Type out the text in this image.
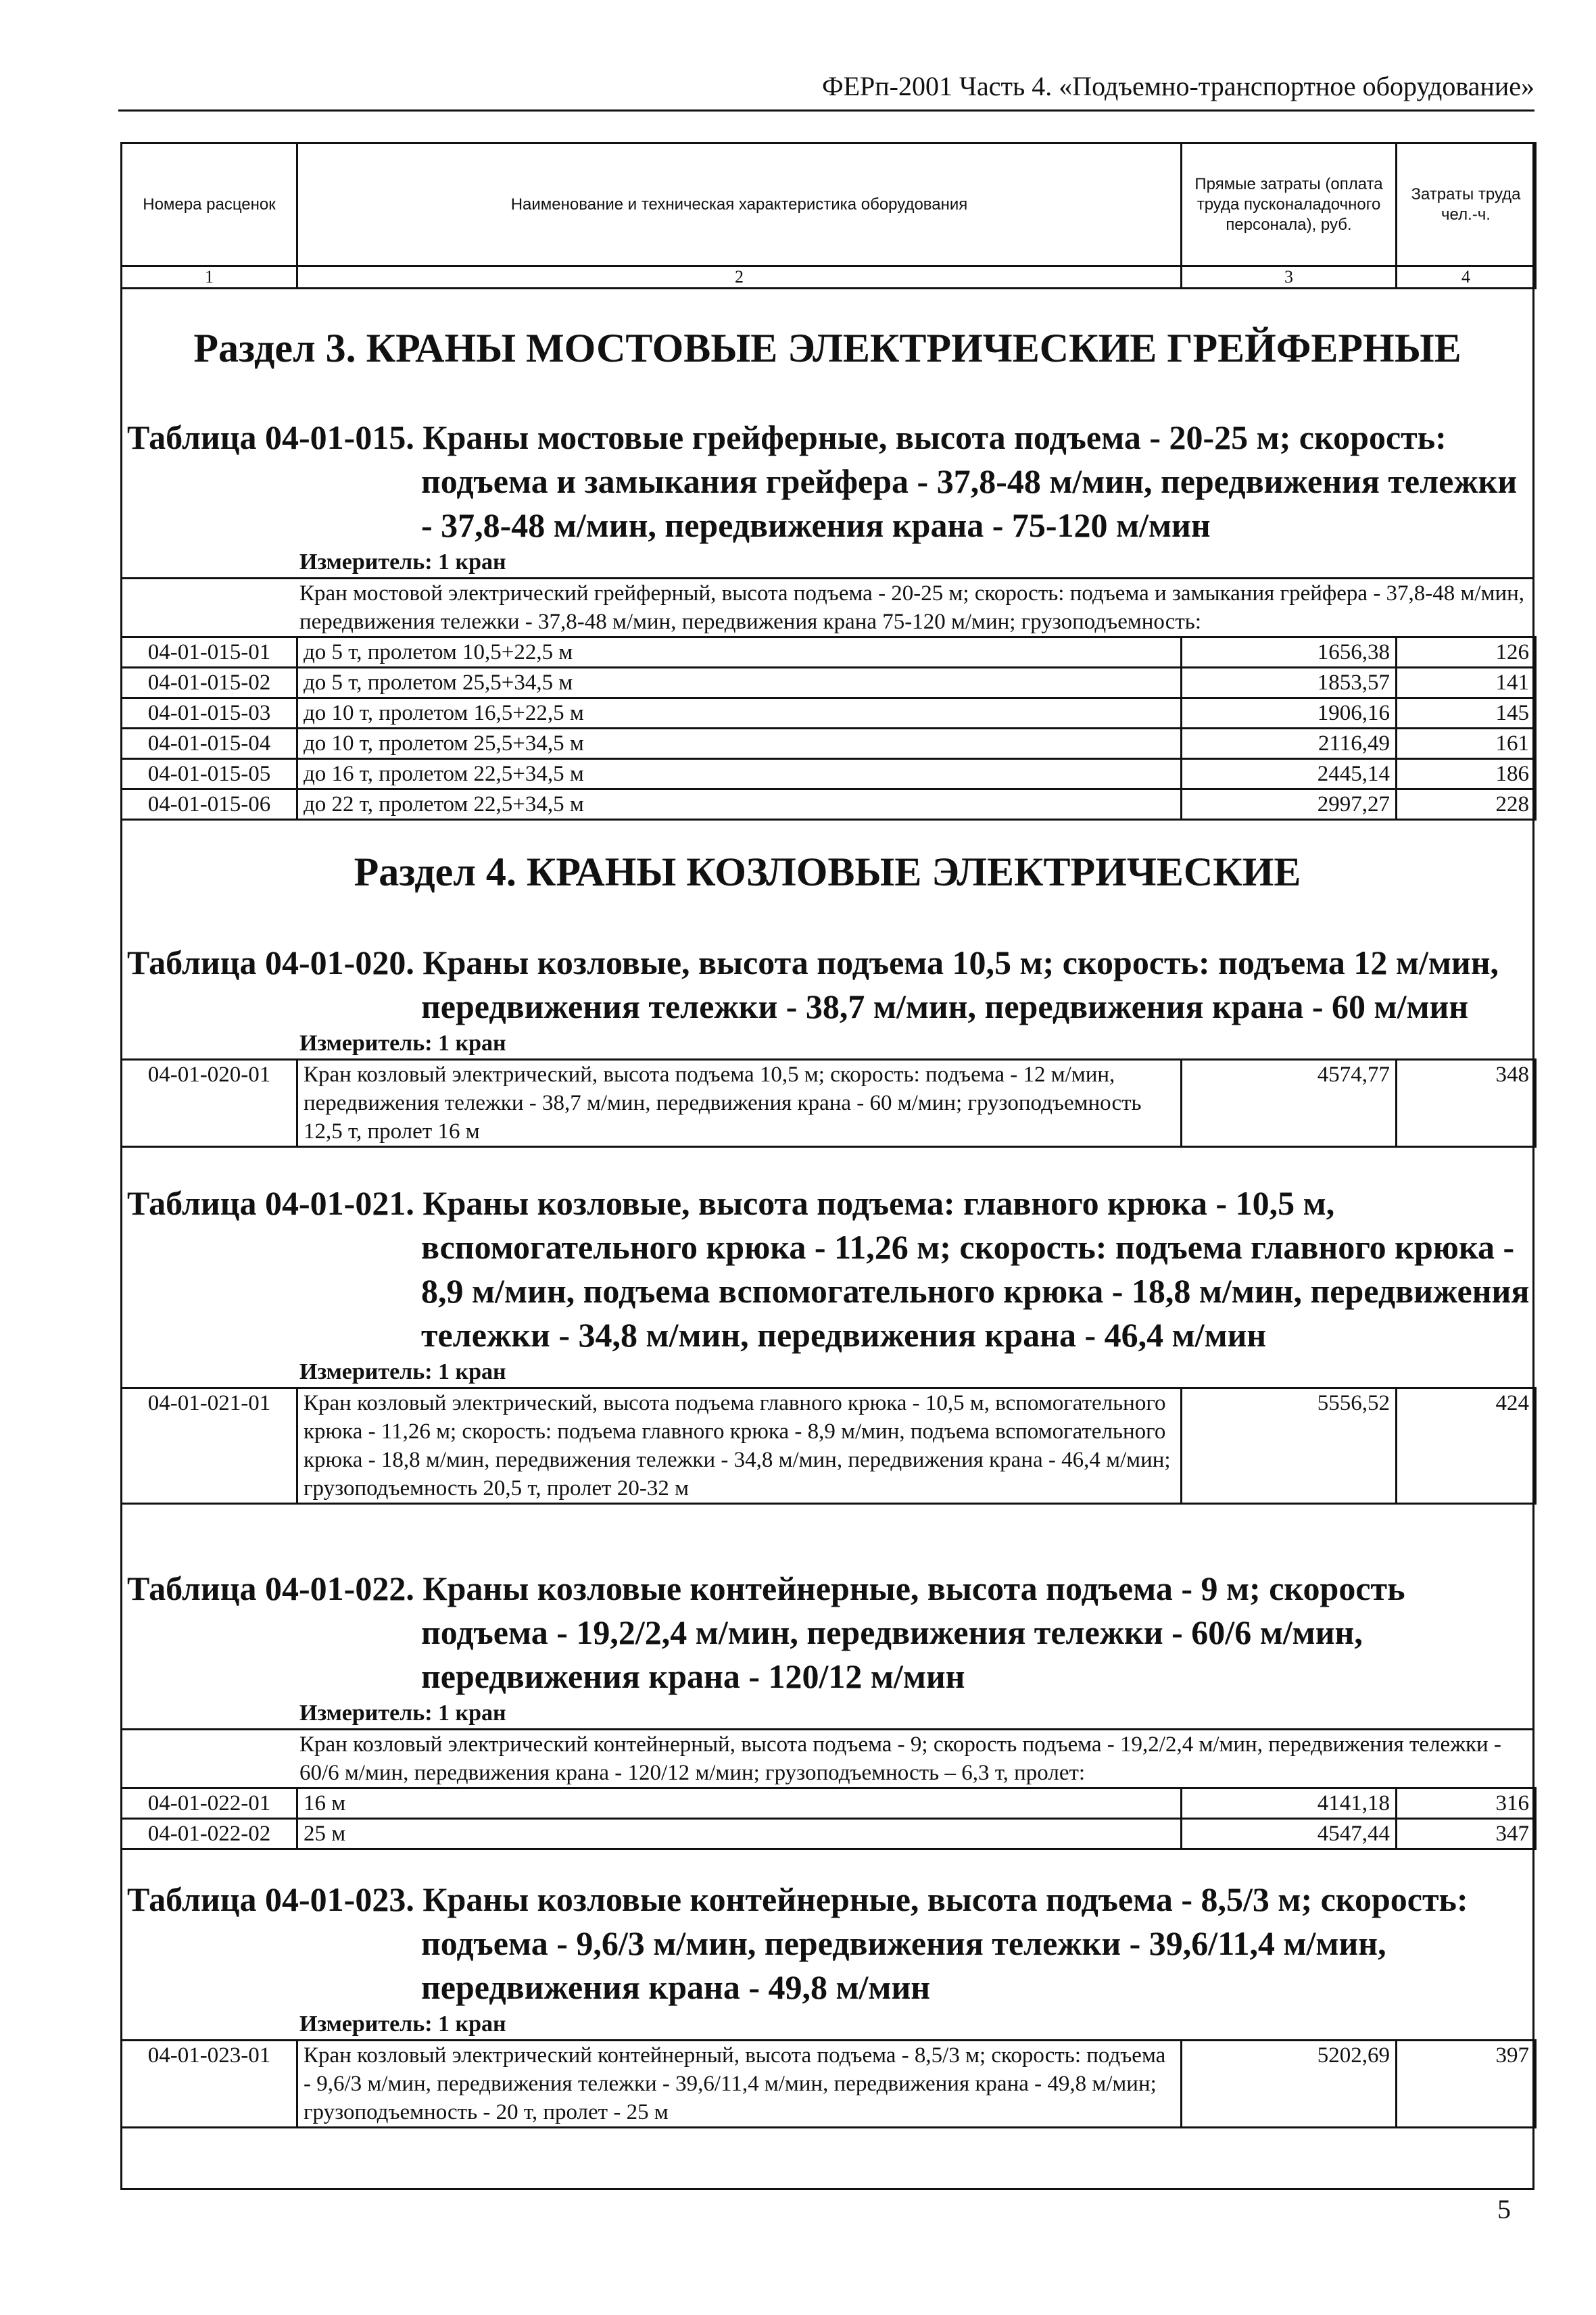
ФЕРп-2001 Часть 4. «Подъемно-транспортное оборудование»
Номера расценок	Наименование и техническая характеристика оборудования	Прямые затраты (оплата труда пусконаладочного персонала), руб.	Затраты труда чел.-ч.
1	2	3	4
Раздел 3. КРАНЫ МОСТОВЫЕ ЭЛЕКТРИЧЕСКИЕ ГРЕЙФЕРНЫЕ
Таблица 04-01-015. Краны мостовые грейферные, высота подъема - 20-25 м; скорость:
подъема и замыкания грейфера - 37,8-48 м/мин, передвижения тележки - 37,8-48 м/мин, передвижения крана - 75-120 м/мин
Измеритель: 1 кран
Кран мостовой электрический грейферный, высота подъема - 20-25 м; скорость: подъема и замыкания грейфера - 37,8-48 м/мин, передвижения тележки - 37,8-48 м/мин, передвижения крана 75-120 м/мин; грузоподъемность:
04-01-015-01	до 5 т, пролетом 10,5+22,5 м	1656,38	126
04-01-015-02	до 5 т, пролетом 25,5+34,5 м	1853,57	141
04-01-015-03	до 10 т, пролетом 16,5+22,5 м	1906,16	145
04-01-015-04	до 10 т, пролетом 25,5+34,5 м	2116,49	161
04-01-015-05	до 16 т, пролетом 22,5+34,5 м	2445,14	186
04-01-015-06	до 22 т, пролетом 22,5+34,5 м	2997,27	228
Раздел 4. КРАНЫ КОЗЛОВЫЕ ЭЛЕКТРИЧЕСКИЕ
Таблица 04-01-020. Краны козловые, высота подъема 10,5 м; скорость: подъема 12 м/мин,
передвижения тележки - 38,7 м/мин, передвижения крана - 60 м/мин
Измеритель: 1 кран
04-01-020-01	Кран козловый электрический, высота подъема 10,5 м; скорость: подъема - 12 м/мин, передвижения тележки - 38,7 м/мин, передвижения крана - 60 м/мин; грузоподъемность 12,5 т, пролет 16 м	4574,77	348
Таблица 04-01-021. Краны козловые, высота подъема: главного крюка - 10,5 м,
вспомогательного крюка - 11,26 м; скорость: подъема главного крюка - 8,9 м/мин, подъема вспомогательного крюка - 18,8 м/мин, передвижения тележки - 34,8 м/мин, передвижения крана - 46,4 м/мин
Измеритель: 1 кран
04-01-021-01	Кран козловый электрический, высота подъема главного крюка - 10,5 м, вспомогательного крюка - 11,26 м; скорость: подъема главного крюка - 8,9 м/мин, подъема вспомогательного крюка - 18,8 м/мин, передвижения тележки - 34,8 м/мин, передвижения крана - 46,4 м/мин; грузоподъемность 20,5 т, пролет 20-32 м	5556,52	424
Таблица 04-01-022. Краны козловые контейнерные, высота подъема - 9 м; скорость
подъема - 19,2/2,4 м/мин, передвижения тележки - 60/6 м/мин, передвижения крана - 120/12 м/мин
Измеритель: 1 кран
Кран козловый электрический контейнерный, высота подъема - 9; скорость подъема - 19,2/2,4 м/мин, передвижения тележки - 60/6 м/мин, передвижения крана - 120/12 м/мин; грузоподъемность – 6,3 т, пролет:
04-01-022-01	16 м	4141,18	316
04-01-022-02	25 м	4547,44	347
Таблица 04-01-023. Краны козловые контейнерные, высота подъема - 8,5/3 м; скорость:
подъема - 9,6/3 м/мин, передвижения тележки - 39,6/11,4 м/мин, передвижения крана - 49,8 м/мин
Измеритель: 1 кран
04-01-023-01	Кран козловый электрический контейнерный, высота подъема - 8,5/3 м; скорость: подъема - 9,6/3 м/мин, передвижения тележки - 39,6/11,4 м/мин, передвижения крана - 49,8 м/мин; грузоподъемность - 20 т, пролет - 25 м	5202,69	397
5
